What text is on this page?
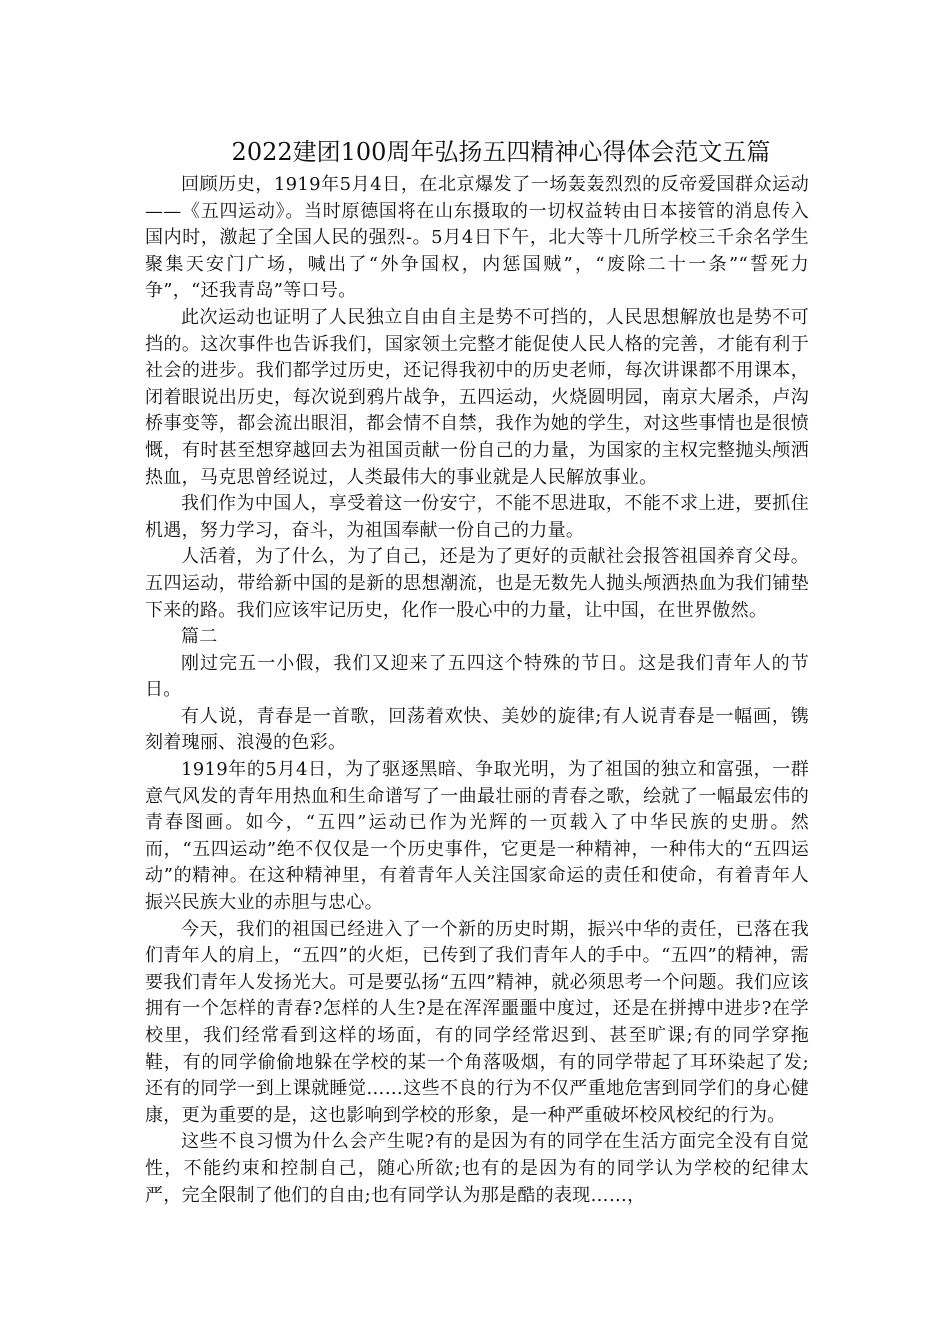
2022建团100周年弘扬五四精神心得体会范文五篇

回顾历史，1919年5月4日，在北京爆发了一场轰轰烈烈的反帝爱国群众运动——《五四运动》。当时原德国将在山东摄取的一切权益转由日本接管的消息传入国内时，激起了全国人民的强烈-。5月4日下午，北大等十几所学校三千余名学生聚集天安门广场，喊出了“外争国权，内惩国贼”，“废除二十一条”“誓死力争”，“还我青岛”等口号。

此次运动也证明了人民独立自由自主是势不可挡的，人民思想解放也是势不可挡的。这次事件也告诉我们，国家领土完整才能促使人民人格的完善，才能有利于社会的进步。我们都学过历史，还记得我初中的历史老师，每次讲课都不用课本，闭着眼说出历史，每次说到鸦片战争，五四运动，火烧圆明园，南京大屠杀，卢沟桥事变等，都会流出眼泪，都会情不自禁，我作为她的学生，对这些事情也是很愤慨，有时甚至想穿越回去为祖国贡献一份自己的力量，为国家的主权完整抛头颅洒热血，马克思曾经说过，人类最伟大的事业就是人民解放事业。

我们作为中国人，享受着这一份安宁，不能不思进取，不能不求上进，要抓住机遇，努力学习，奋斗，为祖国奉献一份自己的力量。

人活着，为了什么，为了自己，还是为了更好的贡献社会报答祖国养育父母。五四运动，带给新中国的是新的思想潮流，也是无数先人抛头颅洒热血为我们铺垫下来的路。我们应该牢记历史，化作一股心中的力量，让中国，在世界傲然。

篇二

刚过完五一小假，我们又迎来了五四这个特殊的节日。这是我们青年人的节日。

有人说，青春是一首歌，回荡着欢快、美妙的旋律;有人说青春是一幅画，镌刻着瑰丽、浪漫的色彩。

1919年的5月4日，为了驱逐黑暗、争取光明，为了祖国的独立和富强，一群意气风发的青年用热血和生命谱写了一曲最壮丽的青春之歌，绘就了一幅最宏伟的青春图画。如今，“五四”运动已作为光辉的一页载入了中华民族的史册。然而，“五四运动”绝不仅仅是一个历史事件，它更是一种精神，一种伟大的“五四运动”的精神。在这种精神里，有着青年人关注国家命运的责任和使命，有着青年人振兴民族大业的赤胆与忠心。

今天，我们的祖国已经进入了一个新的历史时期，振兴中华的责任，已落在我们青年人的肩上，“五四”的火炬，已传到了我们青年人的手中。“五四”的精神，需要我们青年人发扬光大。可是要弘扬“五四”精神，就必须思考一个问题。我们应该拥有一个怎样的青春?怎样的人生?是在浑浑噩噩中度过，还是在拼搏中进步?在学校里，我们经常看到这样的场面，有的同学经常迟到、甚至旷课;有的同学穿拖鞋，有的同学偷偷地躲在学校的某一个角落吸烟，有的同学带起了耳环染起了发;还有的同学一到上课就睡觉……这些不良的行为不仅严重地危害到同学们的身心健康，更为重要的是，这也影响到学校的形象，是一种严重破坏校风校纪的行为。

这些不良习惯为什么会产生呢?有的是因为有的同学在生活方面完全没有自觉性，不能约束和控制自己，随心所欲;也有的是因为有的同学认为学校的纪律太严，完全限制了他们的自由;也有同学认为那是酷的表现……，
